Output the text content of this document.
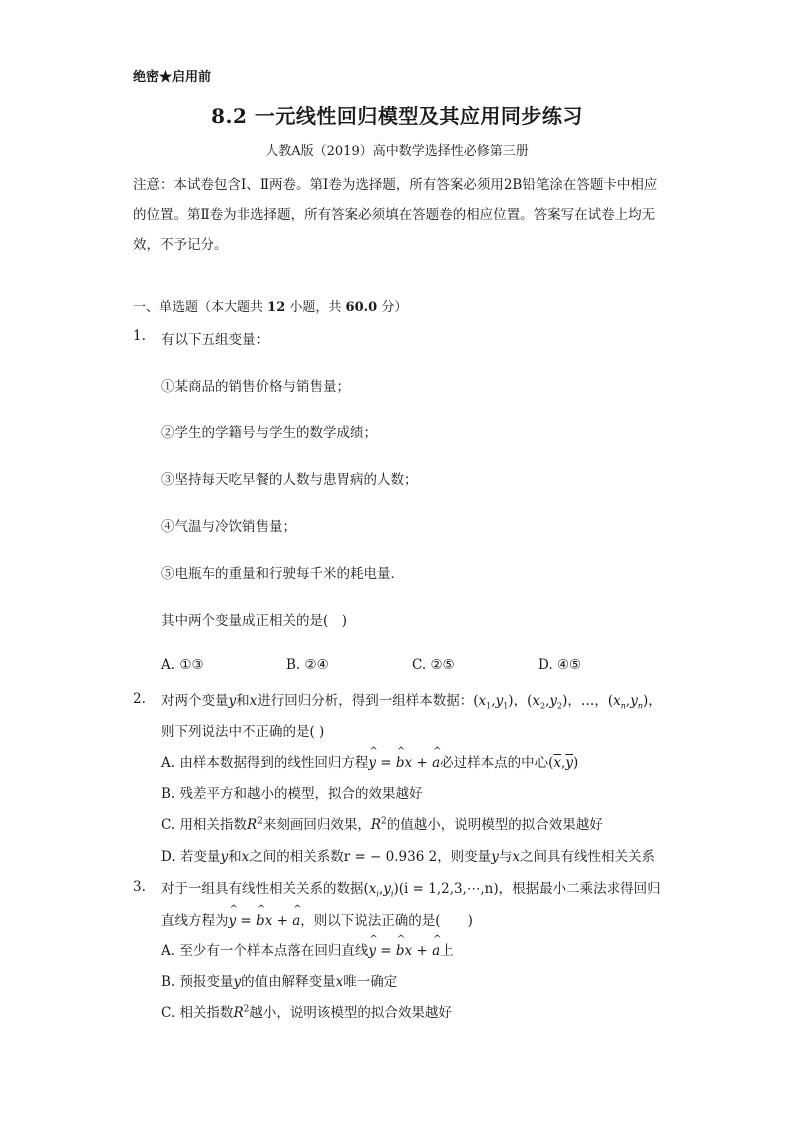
绝密★启用前
8.2 一元线性回归模型及其应用同步练习
人教A版（2019）高中数学选择性必修第三册
注意：本试卷包含Ⅰ、Ⅱ两卷。第Ⅰ卷为选择题，所有答案必须用2B铅笔涂在答题卡中相应的位置。第Ⅱ卷为非选择题，所有答案必须填在答题卷的相应位置。答案写在试卷上均无效，不予记分。
一、单选题（本大题共 12 小题，共 60.0 分）
1. 有以下五组变量：
①某商品的销售价格与销售量；
②学生的学籍号与学生的数学成绩；
③坚持每天吃早餐的人数与患胃病的人数；
④气温与冷饮销售量；
⑤电瓶车的重量和行驶每千米的耗电量．
其中两个变量成正相关的是(　)
A. ①③	B. ②④	C. ②⑤	D. ④⑤
2. 对两个变量y和x进行回归分析，得到一组样本数据：$(x_1,y_1)$，$(x_2,y_2)$，…，$(x_n,y_n)$，
则下列说法中不正确的是( )
A. 由样本数据得到的线性回归方程^ y = ^ bx + ^ a必过样本点的中心$(\overline{x},\overline{y})$
B. 残差平方和越小的模型，拟合的效果越好
C. 用相关指数$R^2$来刻画回归效果，$R^2$的值越小，说明模型的拟合效果越好
D. 若变量y和x之间的相关系数r = − 0.936 2，则变量y与x之间具有线性相关关系
3. 对于一组具有线性相关关系的数据$(x_i,y_i)(i$ = 1,2,3,⋯,n)，根据最小二乘法求得回归
直线方程为^ y = ^ bx + ^ a，则以下说法正确的是(　　)
A. 至少有一个样本点落在回归直线^ y = ^ bx + ^ a上
B. 预报变量y的值由解释变量x唯一确定
C. 相关指数$R^2$越小，说明该模型的拟合效果越好
